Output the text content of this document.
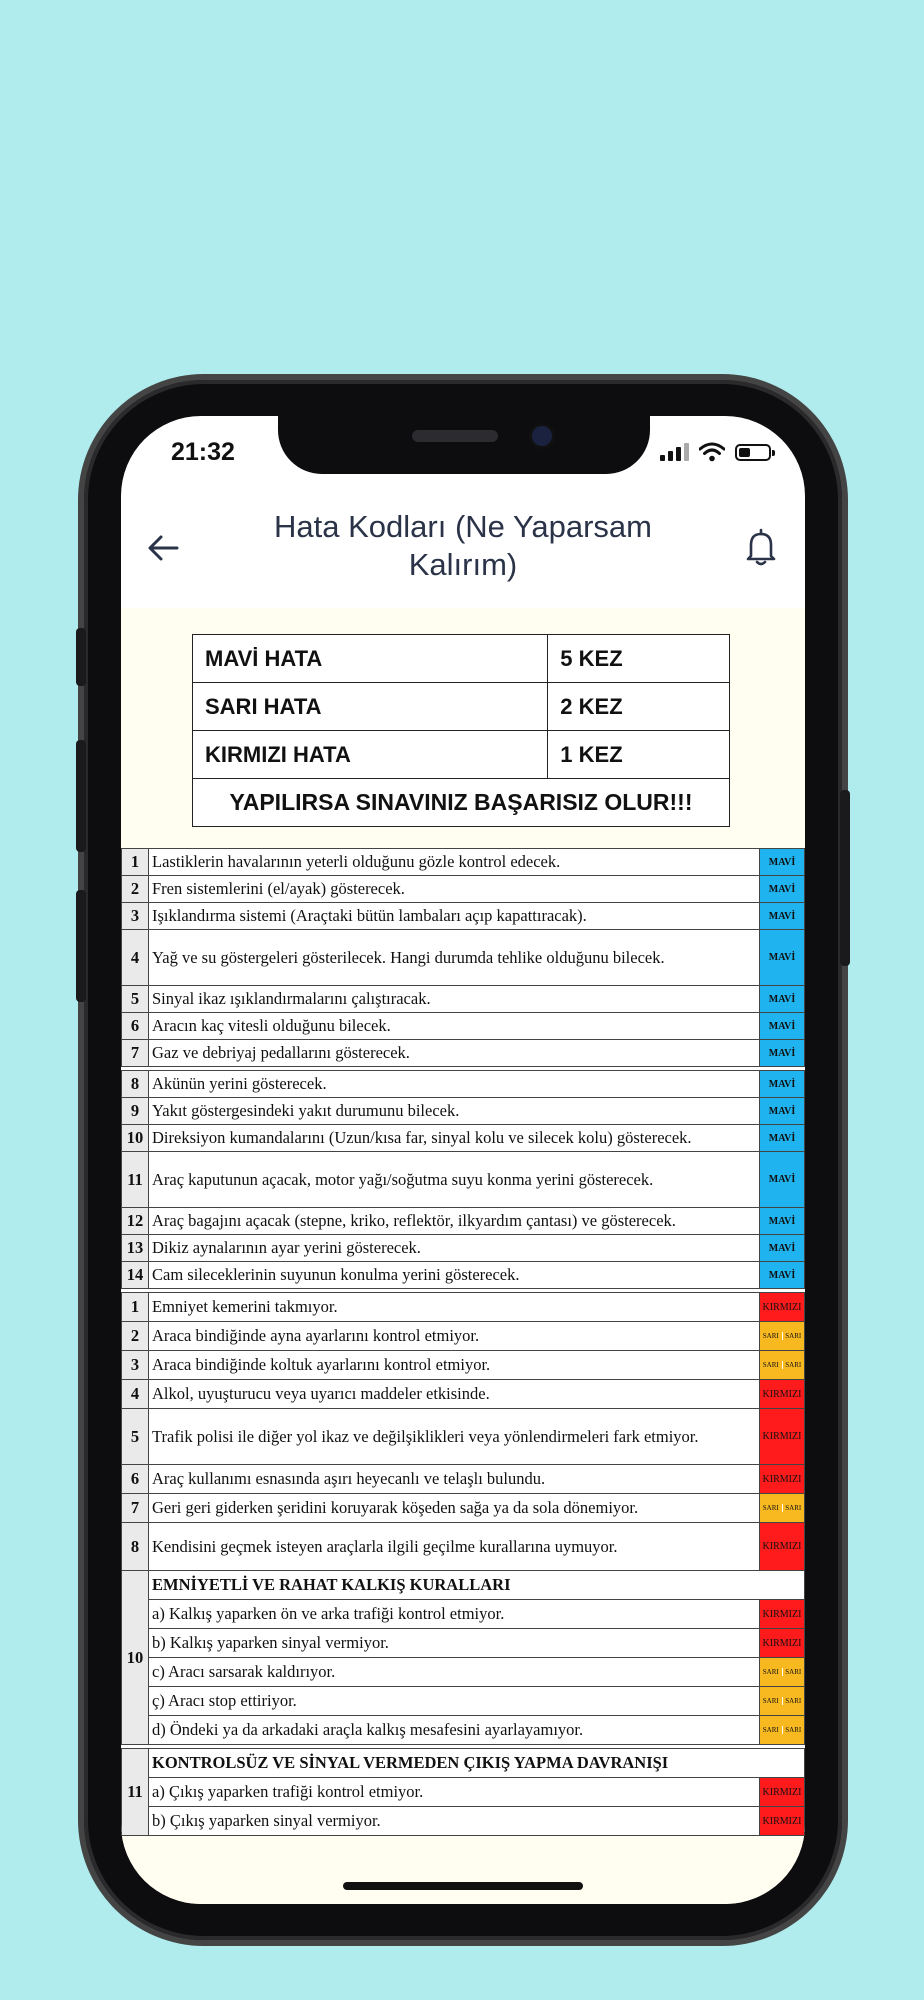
21:32
Hata Kodları (Ne Yaparsam Kalırım)
MAVİ HATA	5 KEZ
SARI HATA	2 KEZ
KIRMIZI HATA	1 KEZ
YAPILIRSA SINAVINIZ BAŞARISIZ OLUR!!!	
1	Lastiklerin havalarının yeterli olduğunu gözle kontrol edecek.	MAVİ
2	Fren sistemlerini (el/ayak) gösterecek.	MAVİ
3	Işıklandırma sistemi (Araçtaki bütün lambaları açıp kapattıracak).	MAVİ
4	Yağ ve su göstergeleri gösterilecek. Hangi durumda tehlike olduğunu bilecek.	MAVİ
5	Sinyal ikaz ışıklandırmalarını çalıştıracak.	MAVİ
6	Aracın kaç vitesli olduğunu bilecek.	MAVİ
7	Gaz ve debriyaj pedallarını gösterecek.	MAVİ

8	Akünün yerini gösterecek.	MAVİ
9	Yakıt göstergesindeki yakıt durumunu bilecek.	MAVİ
10	Direksiyon kumandalarını (Uzun/kısa far, sinyal kolu ve silecek kolu) gösterecek.	MAVİ
11	Araç kaputunun açacak, motor yağı/soğutma suyu konma yerini gösterecek.	MAVİ
12	Araç bagajını açacak (stepne, kriko, reflektör, ilkyardım çantası) ve gösterecek.	MAVİ
13	Dikiz aynalarının ayar yerini gösterecek.	MAVİ
14	Cam sileceklerinin suyunun konulma yerini gösterecek.	MAVİ

1	Emniyet kemerini takmıyor.	KIRMIZI
2	Araca bindiğinde ayna ayarlarını kontrol etmiyor.	SARI SARI

3	Araca bindiğinde koltuk ayarlarını kontrol etmiyor.	SARI SARI

4	Alkol, uyuşturucu veya uyarıcı maddeler etkisinde.	KIRMIZI
5	Trafik polisi ile diğer yol ikaz ve değilşiklikleri veya yönlendirmeleri fark etmiyor.	KIRMIZI
6	Araç kullanımı esnasında aşırı heyecanlı ve telaşlı bulundu.	KIRMIZI
7	Geri geri giderken şeridini koruyarak köşeden sağa ya da sola dönemiyor.	SARI SARI

8	Kendisini geçmek isteyen araçlarla ilgili geçilme kurallarına uymuyor.	KIRMIZI
10	EMNİYETLİ VE RAHAT KALKIŞ KURALLARI	
	a) Kalkış yaparken ön ve arka trafiği kontrol etmiyor.	KIRMIZI
	b) Kalkış yaparken sinyal vermiyor.	KIRMIZI
	c) Aracı sarsarak kaldırıyor.	SARI SARI

	ç) Aracı stop ettiriyor.	SARI SARI

	d) Öndeki ya da arkadaki araçla kalkış mesafesini ayarlayamıyor.	SARI SARI

11	KONTROLSÜZ VE SİNYAL VERMEDEN ÇIKIŞ YAPMA DAVRANIŞI	
	a) Çıkış yaparken trafiği kontrol etmiyor.	KIRMIZI
	b) Çıkış yaparken sinyal vermiyor.	KIRMIZI
